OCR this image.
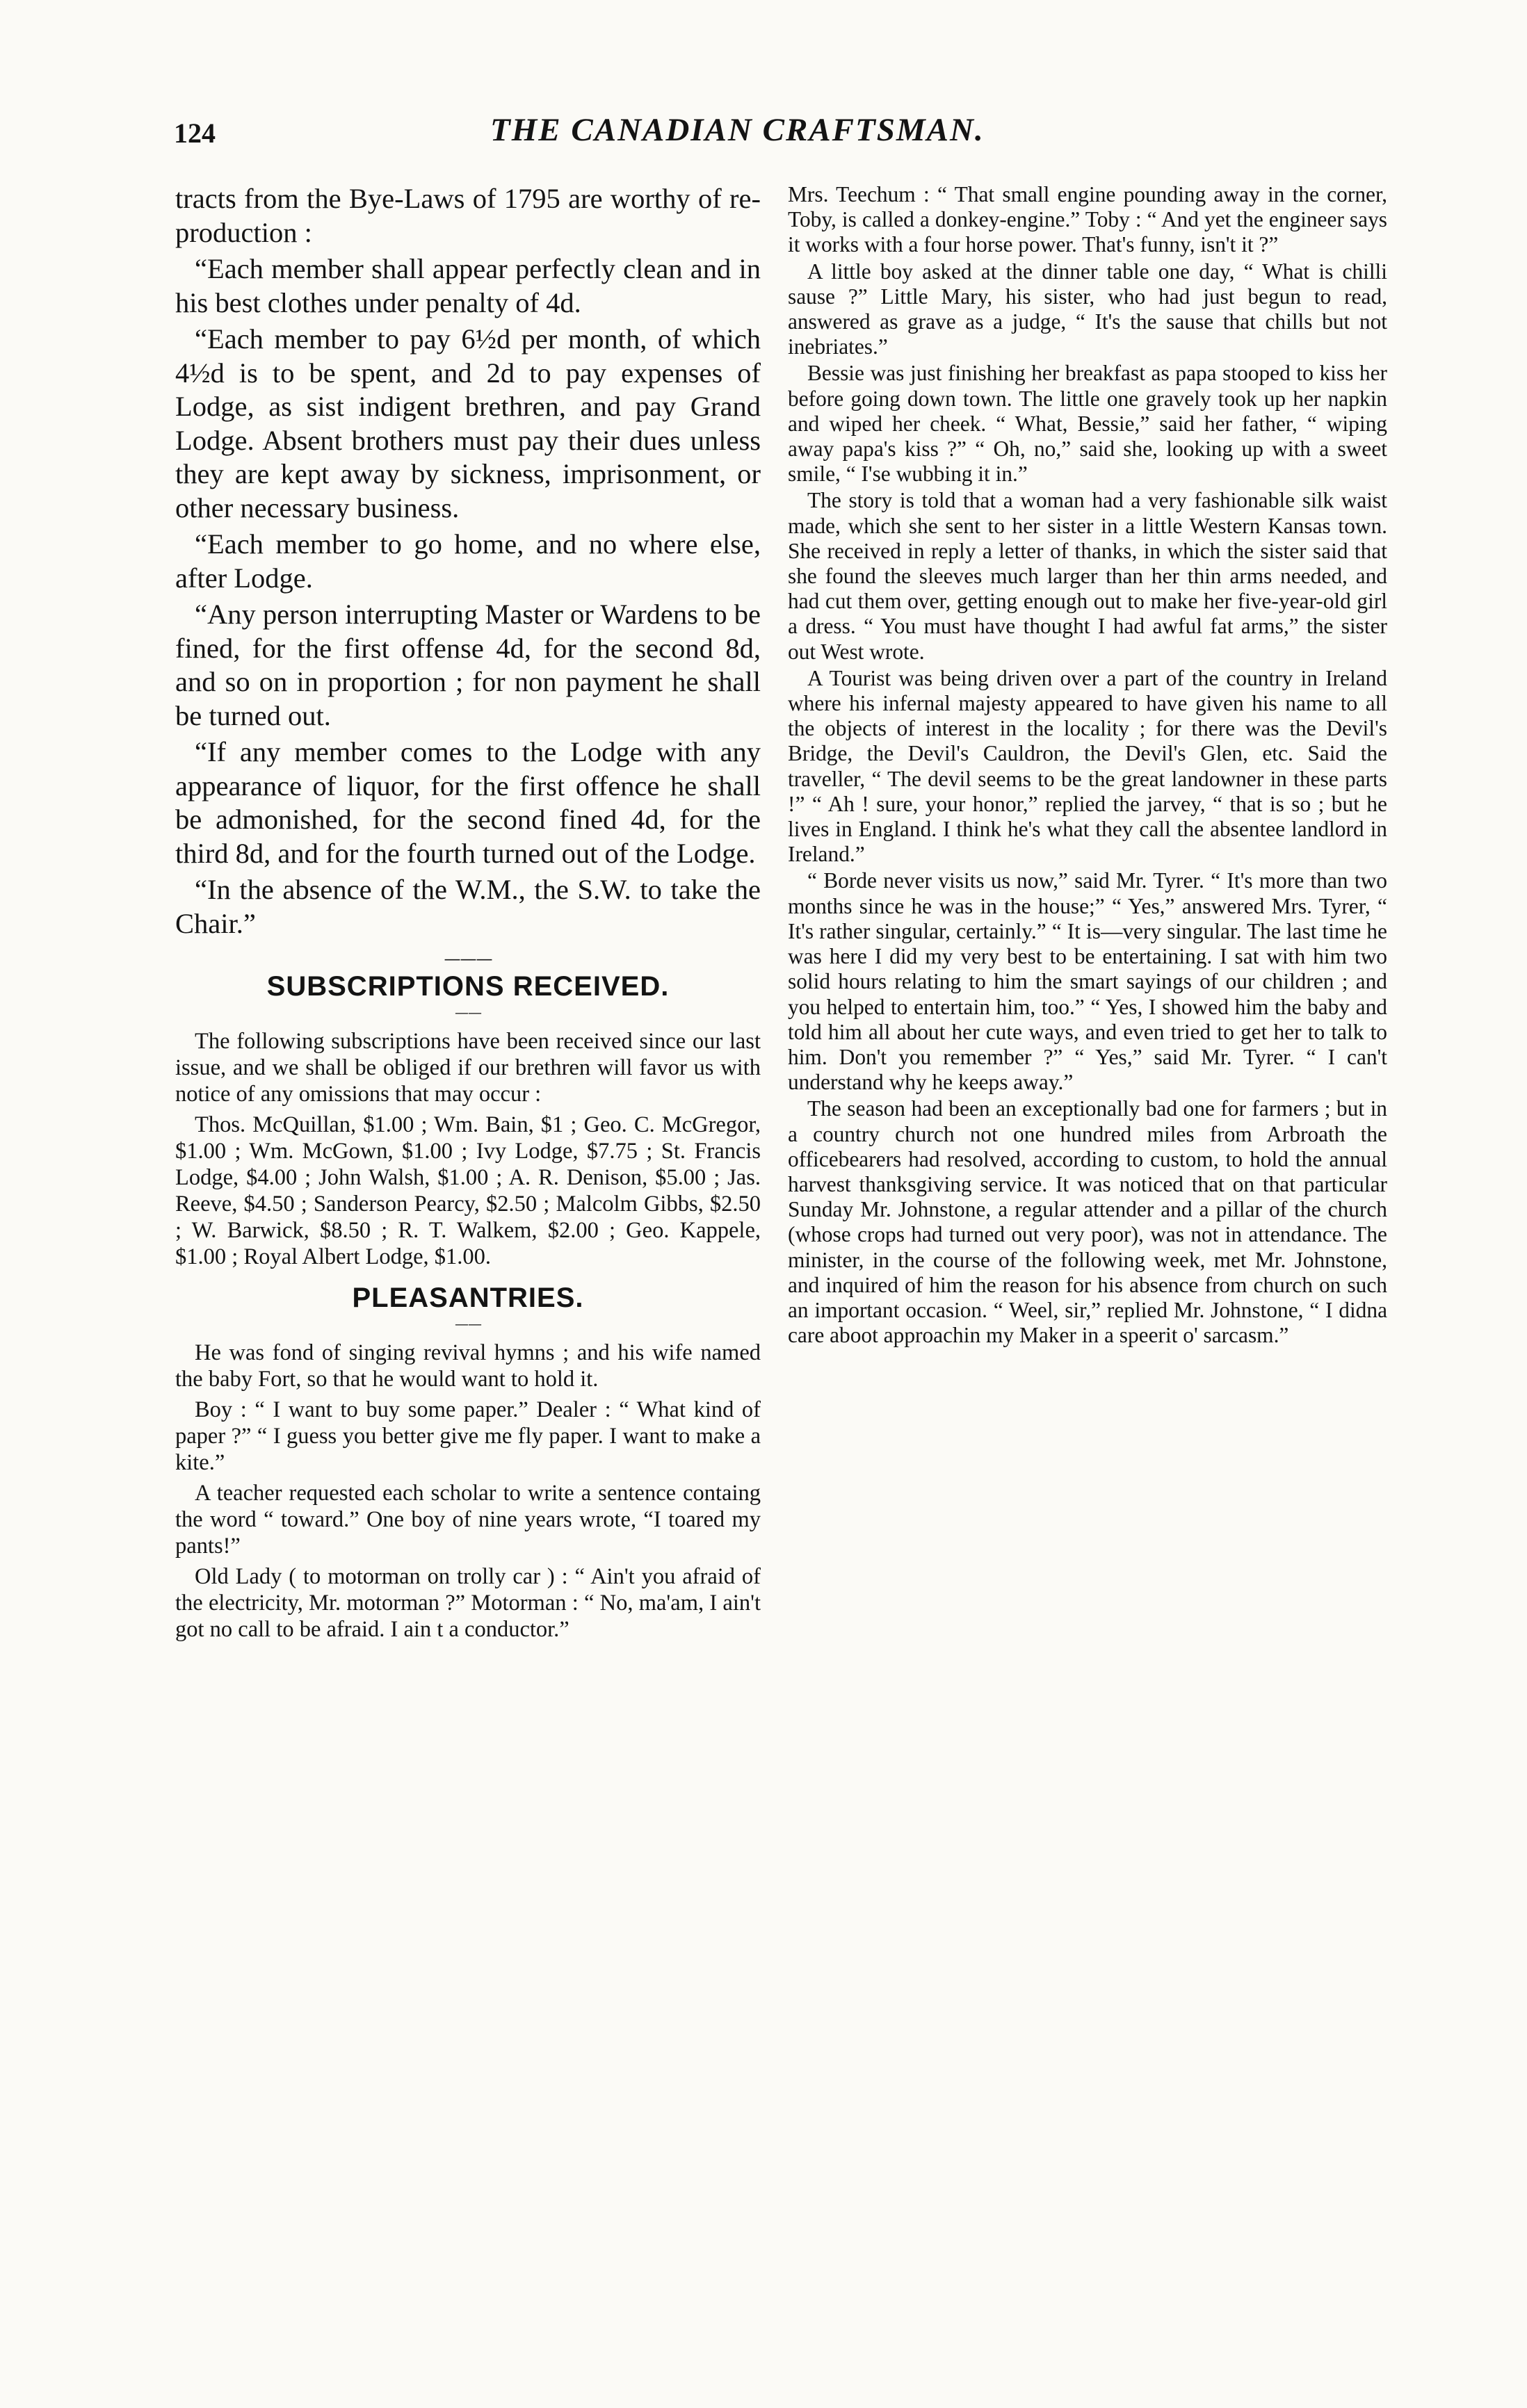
124	THE CANADIAN CRAFTSMAN.

tracts from the Bye-Laws of 1795 are worthy of re-production :

“Each member shall appear perfectly clean and in his best clothes under penalty of 4d.

“Each member to pay 6½d per month, of which 4½d is to be spent, and 2d to pay expenses of Lodge, as sist indigent brethren, and pay Grand Lodge. Absent brothers must pay their dues unless they are kept away by sickness, imprisonment, or other necessary business.

“Each member to go home, and no where else, after Lodge.

“Any person interrupting Master or Wardens to be fined, for the first offense 4d, for the second 8d, and so on in proportion ; for non payment he shall be turned out.

“If any member comes to the Lodge with any appearance of liquor, for the first offence he shall be admonished, for the second fined 4d, for the third 8d, and for the fourth turned out of the Lodge.

“In the absence of the W.M., the S.W. to take the Chair.”

———
SUBSCRIPTIONS RECEIVED.
——

The following subscriptions have been received since our last issue, and we shall be obliged if our brethren will favor us with notice of any omissions that may occur :

Thos. McQuillan, $1.00 ; Wm. Bain, $1 ; Geo. C. McGregor, $1.00 ; Wm. McGown, $1.00 ; Ivy Lodge, $7.75 ; St. Francis Lodge, $4.00 ; John Walsh, $1.00 ; A. R. Denison, $5.00 ; Jas. Reeve, $4.50 ; Sanderson Pearcy, $2.50 ; Malcolm Gibbs, $2.50 ; W. Barwick, $8.50 ; R. T. Walkem, $2.00 ; Geo. Kappele, $1.00 ; Royal Albert Lodge, $1.00.

PLEASANTRIES.
——

He was fond of singing revival hymns ; and his wife named the baby Fort, so that he would want to hold it.

Boy : “ I want to buy some paper.” Dealer : “ What kind of paper ?” “ I guess you better give me fly paper. I want to make a kite.”

A teacher requested each scholar to write a sentence containg the word “ toward.” One boy of nine years wrote, “I toared my pants!”

Old Lady ( to motorman on trolly car ) : “ Ain't you afraid of the electricity, Mr. motorman ?” Motorman : “ No, ma'am, I ain't got no call to be afraid. I ain t a conductor.”

Mrs. Teechum : “ That small engine pounding away in the corner, Toby, is called a donkey-engine.” Toby : “ And yet the engineer says it works with a four horse power. That's funny, isn't it ?”

A little boy asked at the dinner table one day, “ What is chilli sause ?” Little Mary, his sister, who had just begun to read, answered as grave as a judge, “ It's the sause that chills but not inebriates.”

Bessie was just finishing her breakfast as papa stooped to kiss her before going down town. The little one gravely took up her napkin and wiped her cheek. “ What, Bessie,” said her father, “ wiping away papa's kiss ?” “ Oh, no,” said she, looking up with a sweet smile, “ I'se wubbing it in.”

The story is told that a woman had a very fashionable silk waist made, which she sent to her sister in a little Western Kansas town. She received in reply a letter of thanks, in which the sister said that she found the sleeves much larger than her thin arms needed, and had cut them over, getting enough out to make her five-year-old girl a dress. “ You must have thought I had awful fat arms,” the sister out West wrote.

A Tourist was being driven over a part of the country in Ireland where his infernal majesty appeared to have given his name to all the objects of interest in the locality ; for there was the Devil's Bridge, the Devil's Cauldron, the Devil's Glen, etc. Said the traveller, “ The devil seems to be the great landowner in these parts !” “ Ah ! sure, your honor,” replied the jarvey, “ that is so ; but he lives in England. I think he's what they call the absentee landlord in Ireland.”

“ Borde never visits us now,” said Mr. Tyrer. “ It's more than two months since he was in the house;” “ Yes,” answered Mrs. Tyrer, “ It's rather singular, certainly.” “ It is—very singular. The last time he was here I did my very best to be entertaining. I sat with him two solid hours relating to him the smart sayings of our children ; and you helped to entertain him, too.” “ Yes, I showed him the baby and told him all about her cute ways, and even tried to get her to talk to him. Don't you remember ?” “ Yes,” said Mr. Tyrer. “ I can't understand why he keeps away.”

The season had been an exceptionally bad one for farmers ; but in a country church not one hundred miles from Arbroath the officebearers had resolved, according to custom, to hold the annual harvest thanksgiving service. It was noticed that on that particular Sunday Mr. Johnstone, a regular attender and a pillar of the church (whose crops had turned out very poor), was not in attendance. The minister, in the course of the following week, met Mr. Johnstone, and inquired of him the reason for his absence from church on such an important occasion. “ Weel, sir,” replied Mr. Johnstone, “ I didna care aboot approachin my Maker in a speerit o' sarcasm.”
